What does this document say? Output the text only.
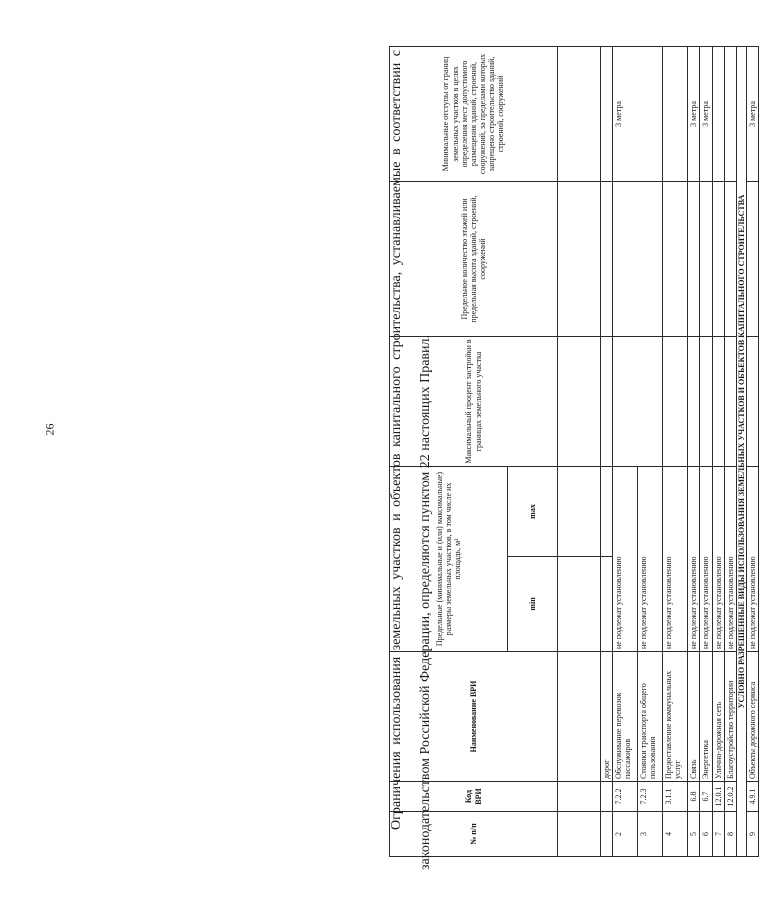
26
№ п/п	Код ВРИ	Наименование ВРИ	Предельные (минимальные и (или) максимальные) размеры земельных участков, в том числе их площадь, м²		Максимальный процент застройки в границах земельного участка	Предельное количество этажей или предельная высота зданий, строений, сооружений	Минимальные отступы от границ земельных участков в целях определения мест допустимого размещения зданий, строений, сооружений, за пределами которых запрещено строительство зданий, строений, сооружений
			min	max			

		дорог					
2	7.2.2	Обслуживание перевозок пассажиров	не подлежат установлению				3 метра
3	7.2.3	Стоянки транспорта общего пользования	не подлежат установлению				
4	3.1.1	Предоставление коммунальных услуг	не подлежат установлению				
5	6.8	Связь	не подлежат установлению				3 метра
6	6.7	Энергетика	не подлежат установлению				3 метра
7	12.0.1	Улично-дорожная сеть	не подлежат установлению				
8	12.0.2	Благоустройство территории	не подлежат установлению				
УСЛОВНО РАЗРЕШЕННЫЕ ВИДЫ ИСПОЛЬЗОВАНИЯ ЗЕМЕЛЬНЫХ УЧАСТКОВ И ОБЪЕКТОВ КАПИТАЛЬНОГО СТРОИТЕЛЬСТВА							
9	4.9.1	Объекты дорожного сервиса	не подлежат установлению				3 метра

Ограничения использования земельных участков и объектов капитального строительства, устанавливаемые в соответствии с законодательством Российской Федерации, определяются пунктом 22 настоящих Правил.
